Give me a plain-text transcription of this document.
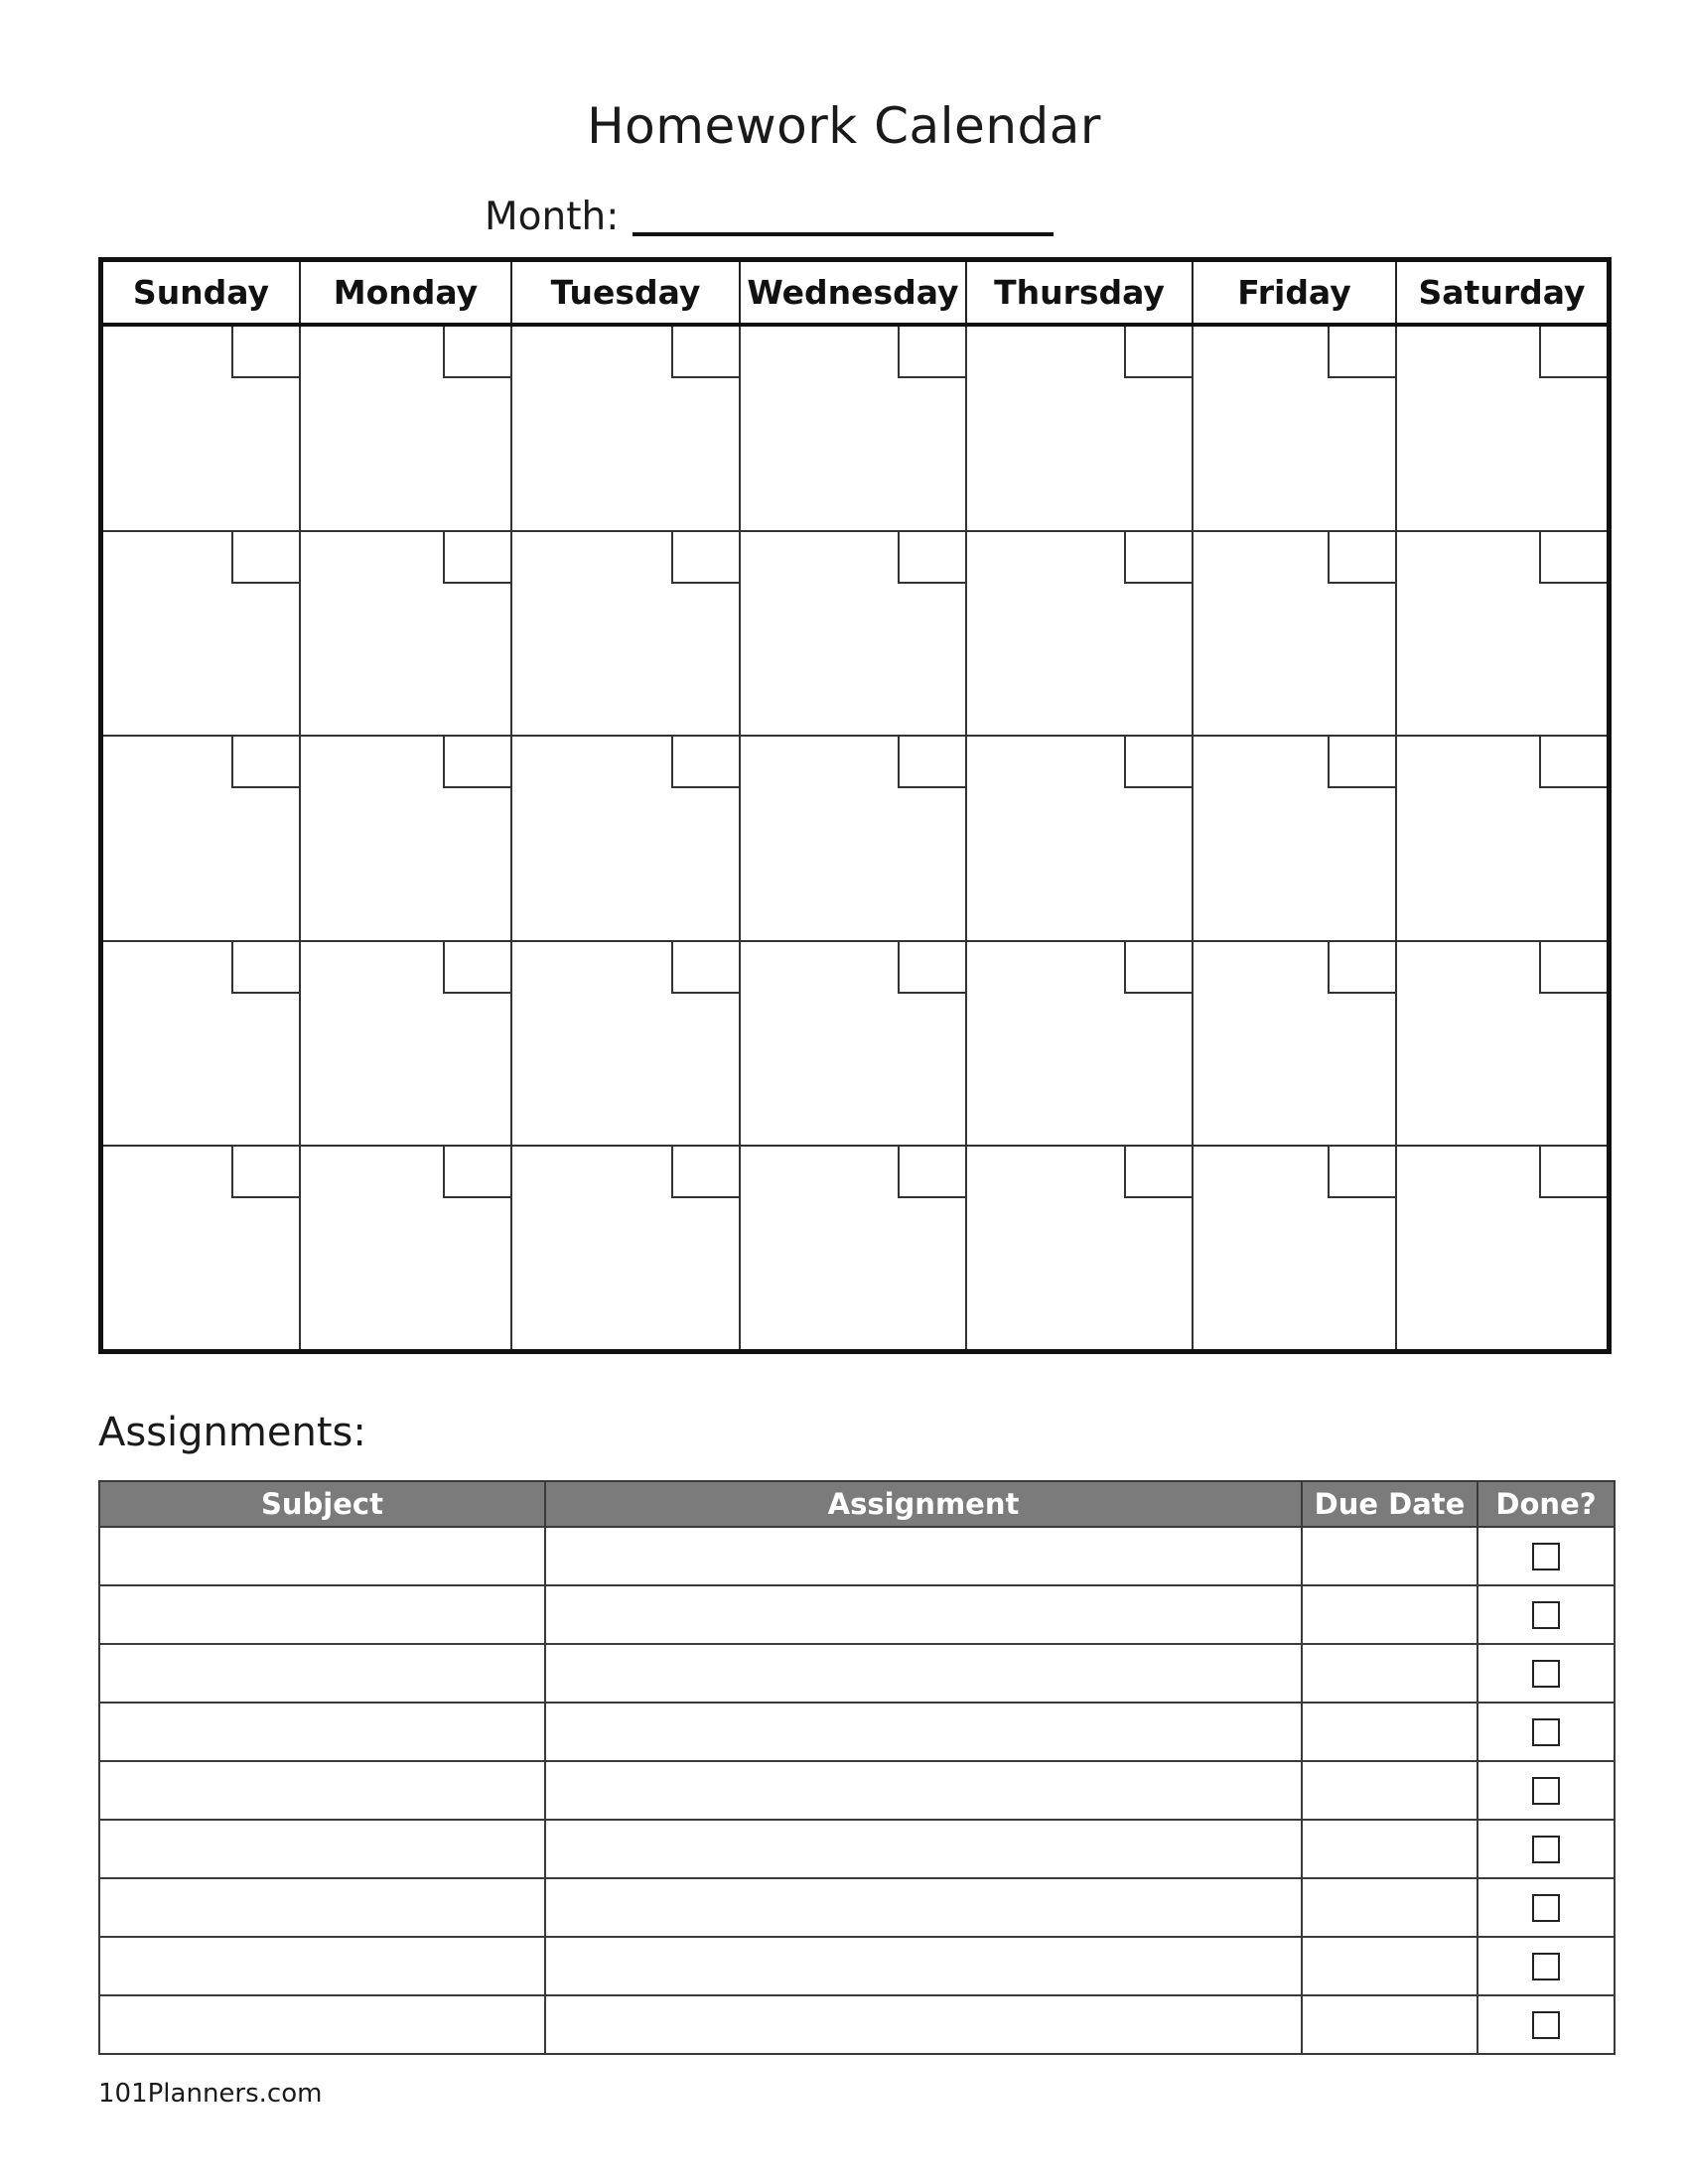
Homework Calendar
Month:
Sunday	Monday	Tuesday	Wednesday	Thursday	Friday	Saturday

Assignments:
Subject	Assignment	Due Date	Done?

101Planners.com
